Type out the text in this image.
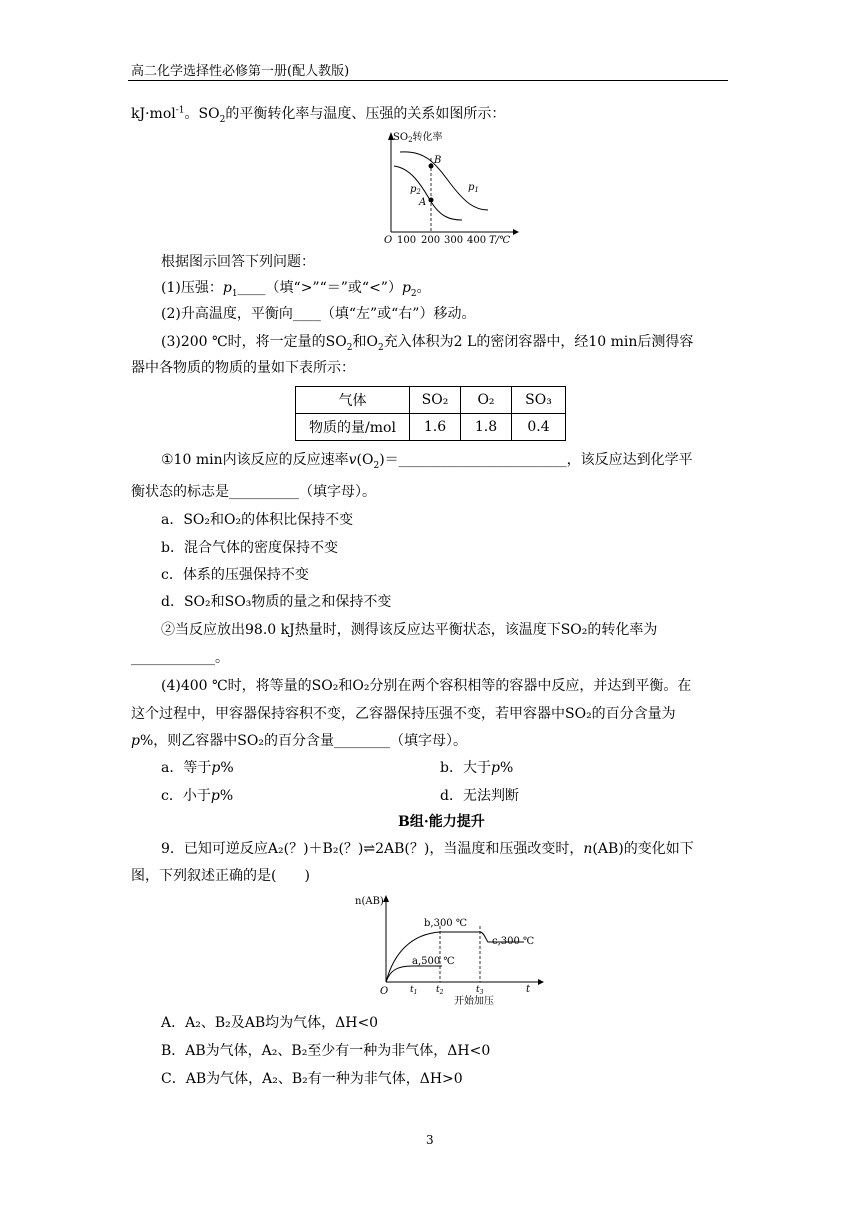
高二化学选择性必修第一册(配人教版)
kJ·mol$^{-1}$。$SO_2$的平衡转化率与温度、压强的关系如图所示：
$SO_2$转化率
B
A
$p_1$
$p_2$
O 100 200 300 400 T/℃
根据图示回答下列问题：
(1)压强：$p_1\_\_\_\_$（填“>”“＝”或“$<”)p_2$。
(2)升高温度，平衡向____（填“左”或“右”）移动。
(3)200 ℃时，将一定量的$SO_2$和$O_2$充入体积为2 L的密闭容器中，经10 min后测得容
器中各物质的物质的量如下表所示：
气体	SO₂	O₂	SO₃
物质的量/mol	1.6	1.8	0.4
①10 min内该反应的反应速率$v(O_2)=\_\_\_\_\_\_\_\_\_\_\_\_\_\_\_\_\_\_\_\_\_\_\_\_$，该反应达到化学平
衡状态的标志是__________（填字母）。
a．SO₂和O₂的体积比保持不变
b．混合气体的密度保持不变
c．体系的压强保持不变
d．SO₂和SO₃物质的量之和保持不变
②当反应放出98.0 kJ热量时，测得该反应达平衡状态，该温度下SO₂的转化率为
____________。
(4)400 ℃时，将等量的SO₂和O₂分别在两个容积相等的容器中反应，并达到平衡。在
这个过程中，甲容器保持容积不变，乙容器保持压强不变，若甲容器中SO₂的百分含量为
p%，则乙容器中SO₂的百分含量________（填字母）。
a．等于p%	b．大于p%
c．小于p%	d．无法判断
B组·能力提升
9．已知可逆反应A₂(？)＋B₂(？)⇌2AB(？)，当温度和压强改变时，n(AB)的变化如下
图，下列叙述正确的是(　　)
n(AB)
b,300 ℃
a,500 ℃
c,300 ℃
O $t_1$ $t_2$	$t_3$
开始加压
t
A．A₂、B₂及AB均为气体，ΔH<0
B．AB为气体，A₂、B₂至少有一种为非气体，ΔH<0
C．AB为气体，A₂、B₂有一种为非气体，ΔH>0
3
